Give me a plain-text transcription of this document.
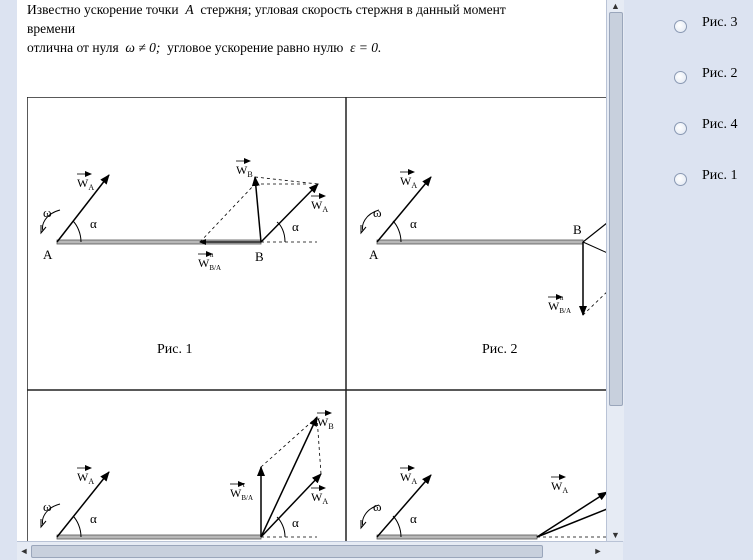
Известно ускорение точки A стержня; угловая скорость стержня в данный момент
времени
отлична от нуля ω ≠ 0; угловое ускорение равно нулю ε = 0.
$W_A$
$W_B$
$W_A$
$W_{B/A}$
n
ω
α	α
A	B
Рис. 1
$W_A$
$W_{B/A}$
n
ω
α
A
B
Рис. 2
$W_A$
$W_B$
$W_{B/A}$
τ
$W_A$
ω
α	α
$W_A$	$W_A$
ω
α
▲
▼
◄	►
Рис. 3
Рис. 2
Рис. 4
Рис. 1
